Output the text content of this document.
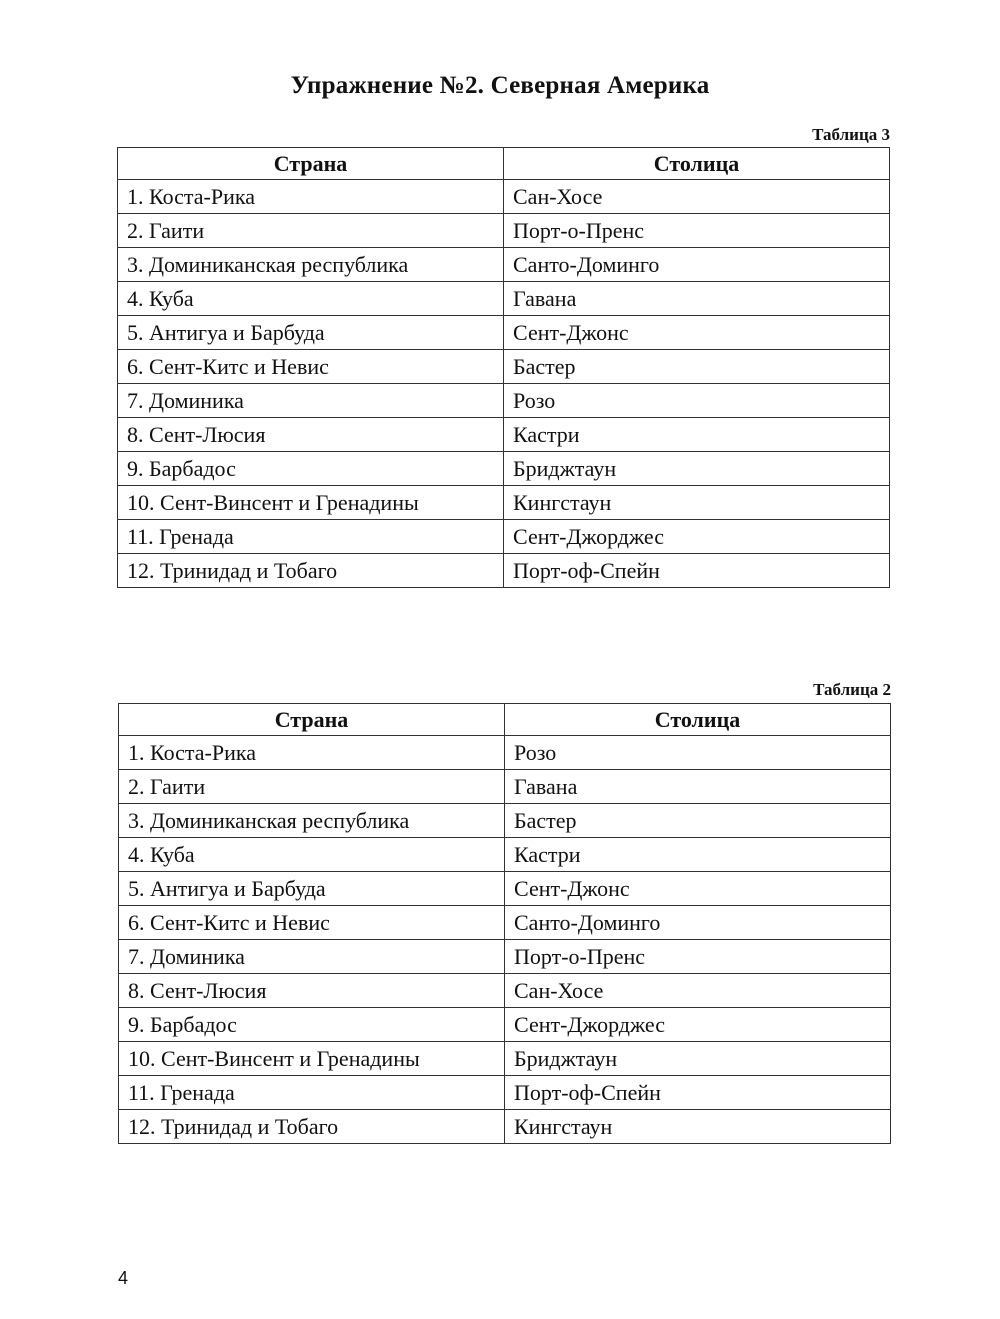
Упражнение №2. Северная Америка
Таблица 3
Страна	Столица
1. Коста-Рика	Сан-Хосе
2. Гаити	Порт-о-Пренс
3. Доминиканская республика	Санто-Доминго
4. Куба	Гавана
5. Антигуа и Барбуда	Сент-Джонс
6. Сент-Китс и Невис	Бастер
7. Доминика	Розо
8. Сент-Люсия	Кастри
9. Барбадос	Бриджтаун
10. Сент-Винсент и Гренадины	Кингстаун
11. Гренада	Сент-Джорджес
12. Тринидад и Тобаго	Порт-оф-Спейн
Таблица 2
Страна	Столица
1. Коста-Рика	Розо
2. Гаити	Гавана
3. Доминиканская республика	Бастер
4. Куба	Кастри
5. Антигуа и Барбуда	Сент-Джонс
6. Сент-Китс и Невис	Санто-Доминго
7. Доминика	Порт-о-Пренс
8. Сент-Люсия	Сан-Хосе
9. Барбадос	Сент-Джорджес
10. Сент-Винсент и Гренадины	Бриджтаун
11. Гренада	Порт-оф-Спейн
12. Тринидад и Тобаго	Кингстаун
4
